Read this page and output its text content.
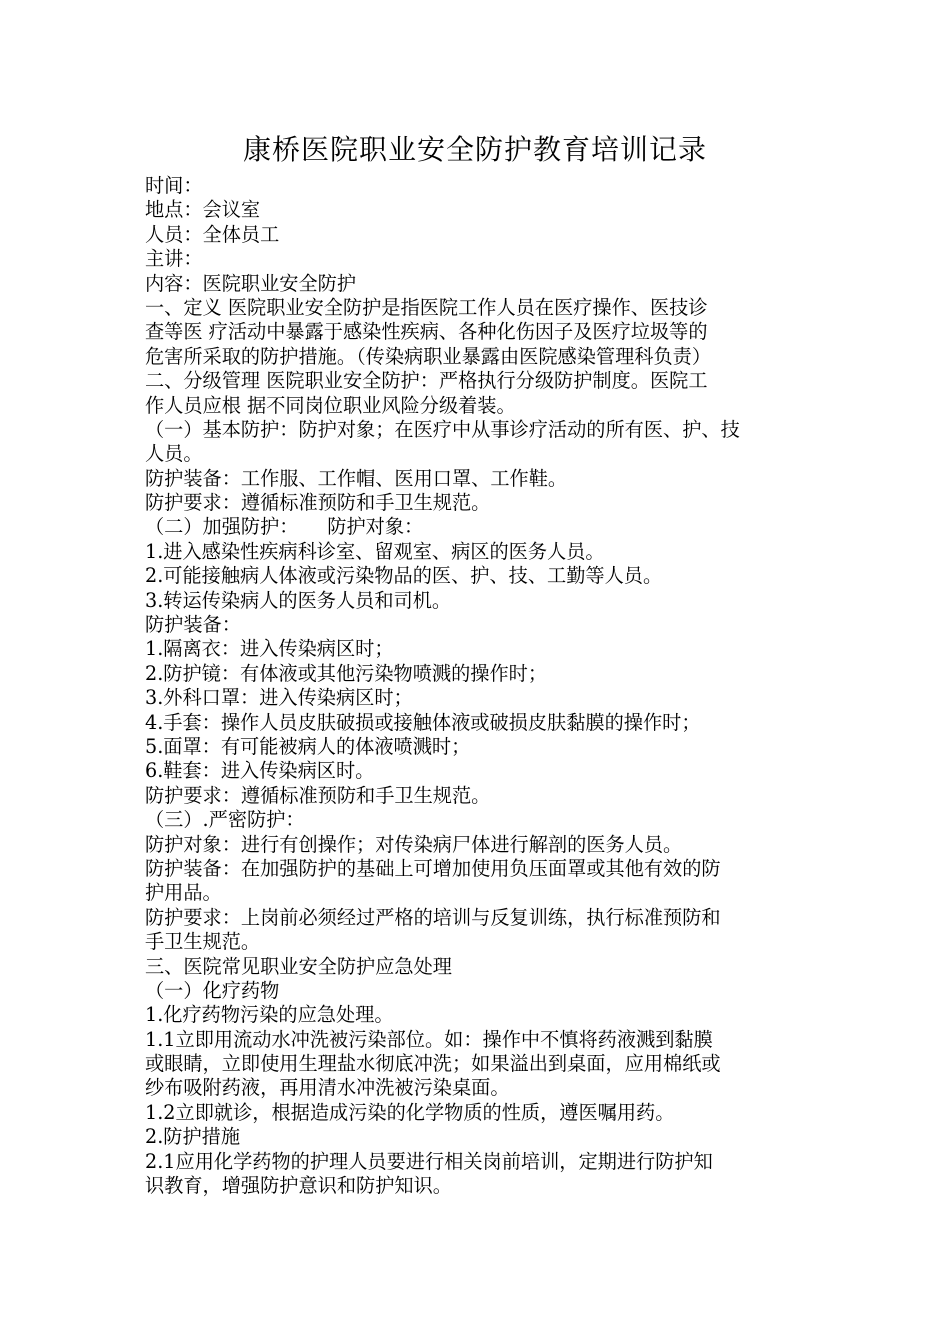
康桥医院职业安全防护教育培训记录
时间：
地点：会议室
人员：全体员工
主讲：
内容：医院职业安全防护
一、定义 医院职业安全防护是指医院工作人员在医疗操作、医技诊
查等医 疗活动中暴露于感染性疾病、各种化伤因子及医疗垃圾等的
危害所采取的防护措施。（传染病职业暴露由医院感染管理科负责）
二、分级管理 医院职业安全防护：严格执行分级防护制度。医院工
作人员应根 据不同岗位职业风险分级着装。
（一）基本防护：防护对象；在医疗中从事诊疗活动的所有医、护、技
人员。
防护装备：工作服、工作帽、医用口罩、工作鞋。
防护要求：遵循标准预防和手卫生规范。
（二）加强防护：　　防护对象：
1.进入感染性疾病科诊室、留观室、病区的医务人员。
2.可能接触病人体液或污染物品的医、护、技、工勤等人员。
3.转运传染病人的医务人员和司机。
防护装备：
1.隔离衣：进入传染病区时；
2.防护镜：有体液或其他污染物喷溅的操作时；
3.外科口罩：进入传染病区时；
4.手套：操作人员皮肤破损或接触体液或破损皮肤黏膜的操作时；
5.面罩：有可能被病人的体液喷溅时；
6.鞋套：进入传染病区时。
防护要求：遵循标准预防和手卫生规范。
（三）.严密防护：
防护对象：进行有创操作；对传染病尸体进行解剖的医务人员。
防护装备：在加强防护的基础上可增加使用负压面罩或其他有效的防
护用品。
防护要求：上岗前必须经过严格的培训与反复训练，执行标准预防和
手卫生规范。
三、医院常见职业安全防护应急处理
（一）化疗药物
1.化疗药物污染的应急处理。
1.1立即用流动水冲洗被污染部位。如：操作中不慎将药液溅到黏膜
或眼睛，立即使用生理盐水彻底冲洗；如果溢出到桌面，应用棉纸或
纱布吸附药液，再用清水冲洗被污染桌面。
1.2立即就诊，根据造成污染的化学物质的性质，遵医嘱用药。
2.防护措施
2.1应用化学药物的护理人员要进行相关岗前培训，定期进行防护知
识教育，增强防护意识和防护知识。
